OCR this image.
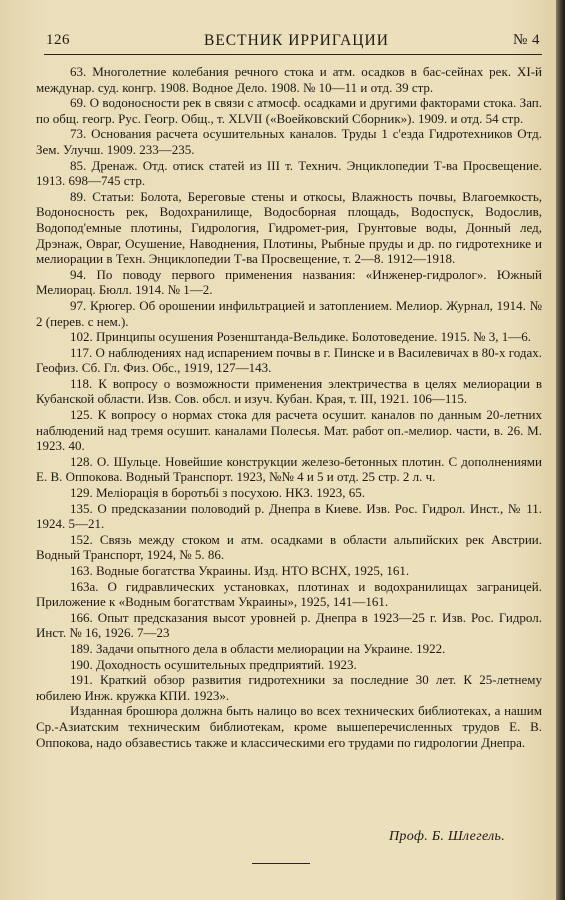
126	ВЕСТНИК ИРРИГАЦИИ	№ 4

63. Многолетние колебания речного стока и атм. осадков в бас-сейнах рек. XI-й междунар. суд. конгр. 1908. Водное Дело. 1908. № 10—11 и отд. 39 стр.

69. О водоносности рек в связи с атмосф. осадками и другими факторами стока. Зап. по общ. геогр. Рус. Геогр. Общ., т. XLVII («Воейковский Сборник»). 1909. и отд. 54 стр.

73. Основания расчета осушительных каналов. Труды 1 с'езда Гидротехников Отд. Зем. Улучш. 1909. 233—235.

85. Дренаж. Отд. отиск статей из III т. Технич. Энциклопедии Т-ва Просвещение. 1913. 698—745 стр.

89. Статьи: Болота, Береговые стены и откосы, Влажность почвы, Влагоемкость, Водоносность рек, Водохранилище, Водосборная площадь, Водоспуск, Водослив, Водопод'емные плотины, Гидрология, Гидромет-рия, Грунтовые воды, Донный лед, Дрэнаж, Овраг, Осушение, Наводнения, Плотины, Рыбные пруды и др. по гидротехнике и мелиорации в Техн. Энциклопедии Т-ва Просвещение, т. 2—8. 1912—1918.

94. По поводу первого применения названия: «Инженер-гидролог». Южный Мелиорац. Бюлл. 1914. № 1—2.

97. Крюгер. Об орошении инфильтрацией и затоплением. Мелиор. Журнал, 1914. № 2 (перев. с нем.).

102. Принципы осушения Розенштанда-Вельдике. Болотоведение. 1915. № 3, 1—6.

117. О наблюдениях над испарением почвы в г. Пинске и в Василевичах в 80-х годах. Геофиз. Сб. Гл. Физ. Обс., 1919, 127—143.

118. К вопросу о возможности применения электричества в целях мелиорации в Кубанской области. Изв. Сов. обсл. и изуч. Кубан. Края, т. III, 1921. 106—115.

125. К вопросу о нормах стока для расчета осушит. каналов по данным 20-летних наблюдений над тремя осушит. каналами Полесья. Мат. работ оп.-мелиор. части, в. 26. М. 1923. 40.

128. О. Шульце. Новейшие конструкции железо-бетонных плотин. С дополнениями Е. В. Оппокова. Водный Транспорт. 1923, №№ 4 и 5 и отд. 25 стр. 2 л. ч.

129. Меліорація в боротьбі з посухою. НКЗ. 1923, 65.

135. О предсказании половодий р. Днепра в Киеве. Изв. Рос. Гидрол. Инст., № 11. 1924. 5—21.

152. Связь между стоком и атм. осадками в области альпийских рек Австрии. Водный Транспорт, 1924, № 5. 86.

163. Водные богатства Украины. Изд. НТО ВСНХ, 1925, 161.

163а. О гидравлических установках, плотинах и водохранилищах заграницей. Приложение к «Водным богатствам Украины», 1925, 141—161.

166. Опыт предсказания высот уровней р. Днепра в 1923—25 г. Изв. Рос. Гидрол. Инст. № 16, 1926. 7—23

189. Задачи опытного дела в области мелиорации на Украине. 1922.

190. Доходность осушительных предприятий. 1923.

191. Краткий обзор развития гидротехники за последние 30 лет. К 25-летнему юбилею Инж. кружка КПИ. 1923».

Изданная брошюра должна быть налицо во всех технических библиотеках, а нашим Ср.-Азиатским техническим библиотекам, кроме вышеперечисленных трудов Е. В. Оппокова, надо обзавестись также и классическими его трудами по гидрологии Днепра.

Проф. Б. Шлегель.
